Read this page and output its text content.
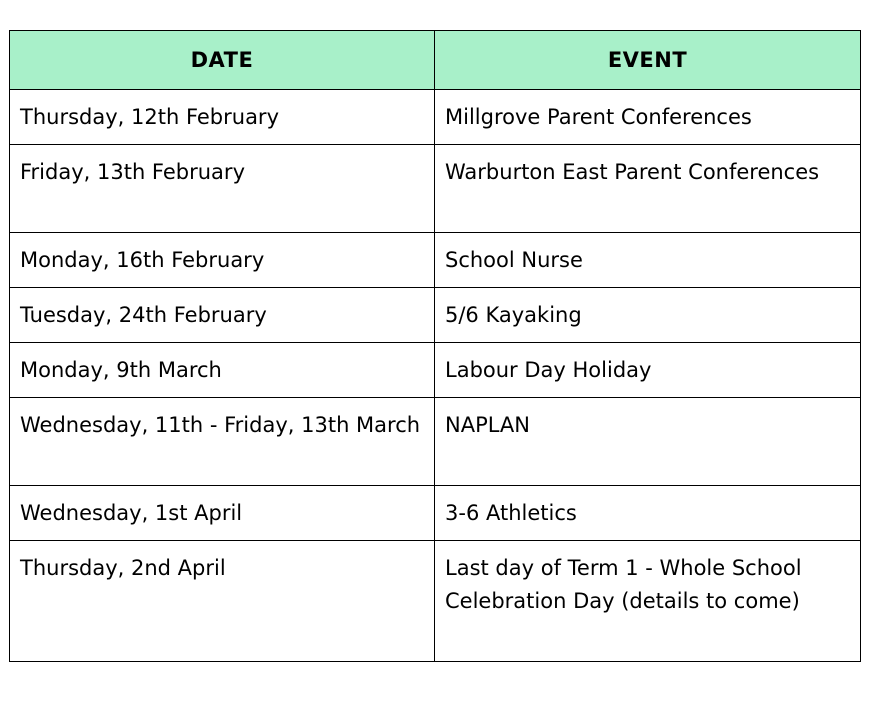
DATE	EVENT
Thursday, 12th February	Millgrove Parent Conferences
Friday, 13th February	Warburton East Parent Conferences
Monday, 16th February	School Nurse
Tuesday, 24th February	5/6 Kayaking
Monday, 9th March	Labour Day Holiday
Wednesday, 11th - Friday, 13th March	NAPLAN
Wednesday, 1st April	3-6 Athletics
Thursday, 2nd April	Last day of Term 1 - Whole School Celebration Day (details to come)
